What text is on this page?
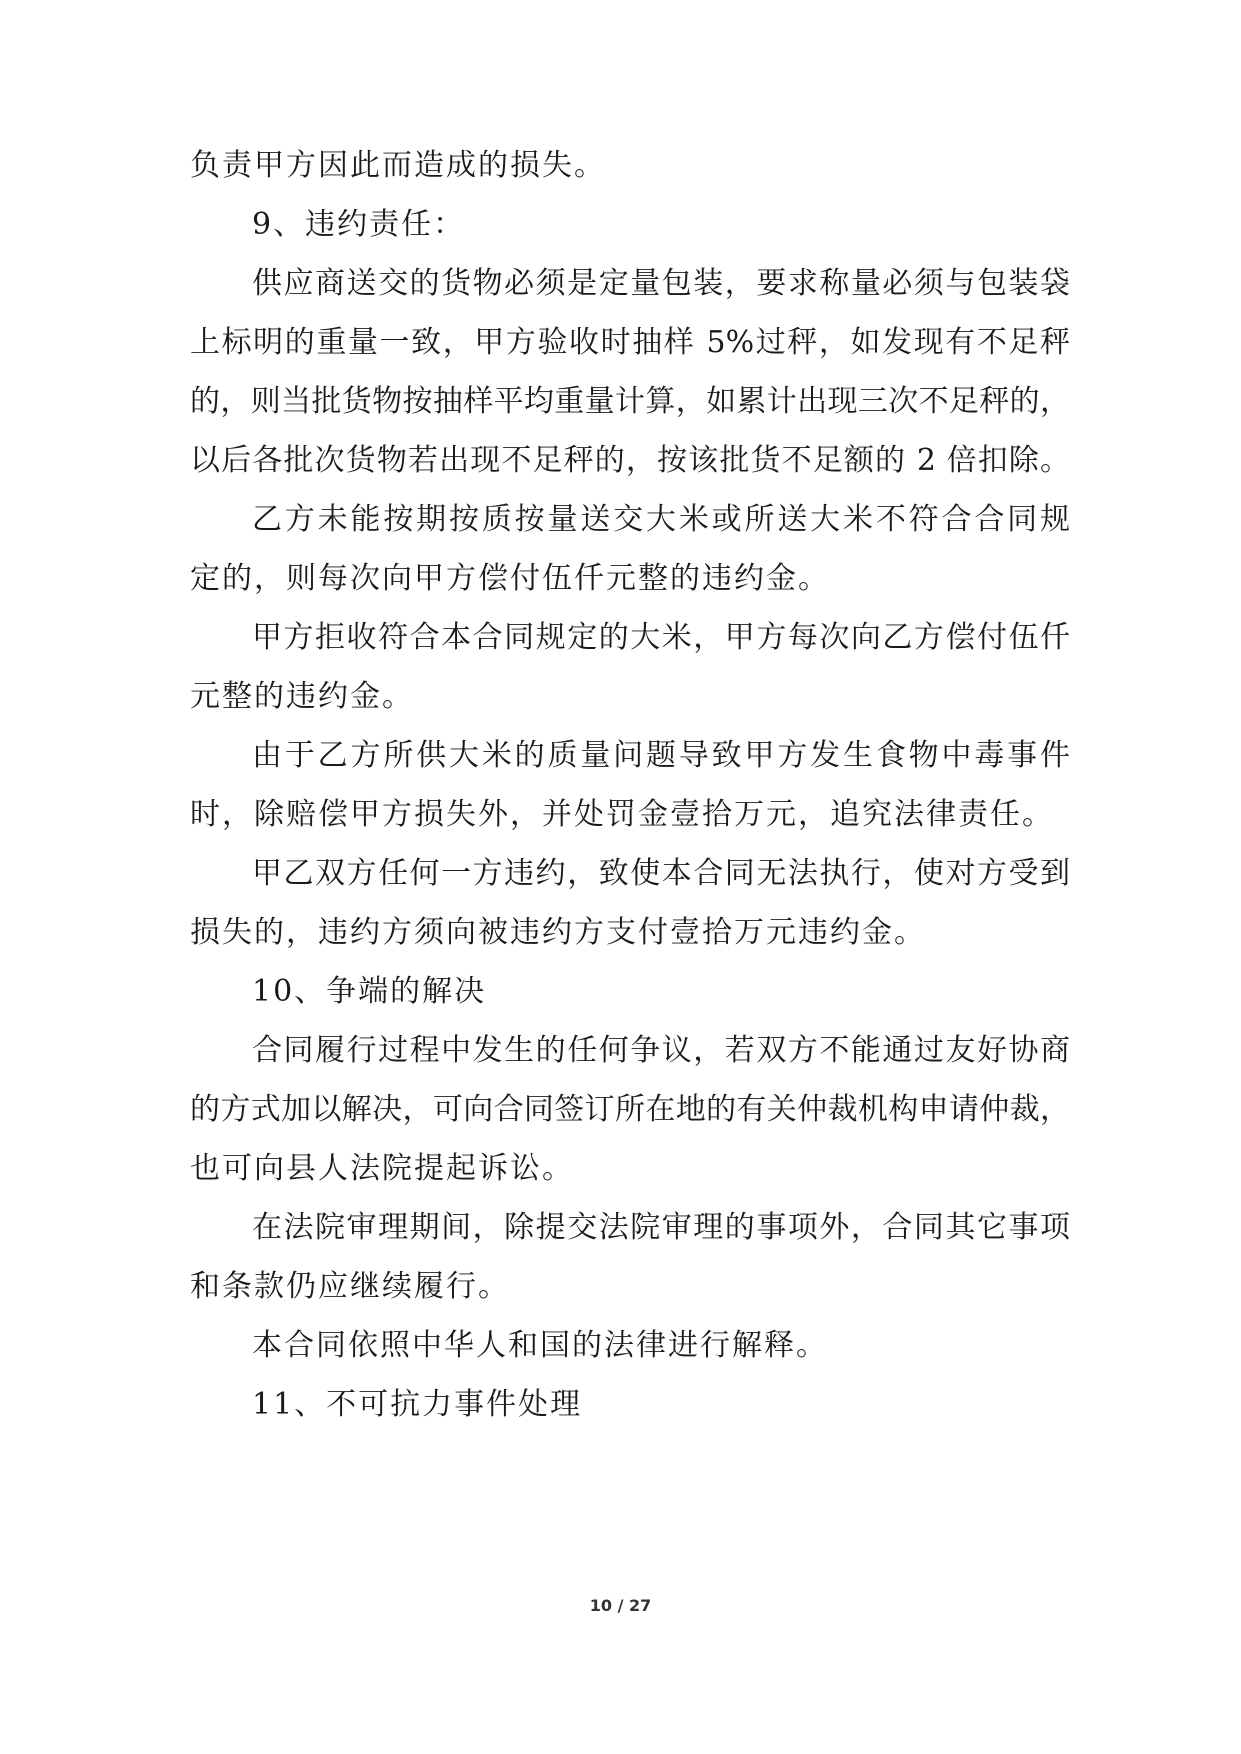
负责甲方因此而造成的损失。
9、违约责任：
供应商送交的货物必须是定量包装，要求称量必须与包装袋
上标明的重量一致，甲方验收时抽样 5%过秤，如发现有不足秤
的，则当批货物按抽样平均重量计算，如累计出现三次不足秤的，
以后各批次货物若出现不足秤的，按该批货不足额的 2 倍扣除。
乙方未能按期按质按量送交大米或所送大米不符合合同规
定的，则每次向甲方偿付伍仟元整的违约金。
甲方拒收符合本合同规定的大米，甲方每次向乙方偿付伍仟
元整的违约金。
由于乙方所供大米的质量问题导致甲方发生食物中毒事件
时，除赔偿甲方损失外，并处罚金壹拾万元，追究法律责任。
甲乙双方任何一方违约，致使本合同无法执行，使对方受到
损失的，违约方须向被违约方支付壹拾万元违约金。
10、争端的解决
合同履行过程中发生的任何争议，若双方不能通过友好协商
的方式加以解决，可向合同签订所在地的有关仲裁机构申请仲裁，
也可向县人法院提起诉讼。
在法院审理期间，除提交法院审理的事项外，合同其它事项
和条款仍应继续履行。
本合同依照中华人和国的法律进行解释。
11、不可抗力事件处理
10 / 27
